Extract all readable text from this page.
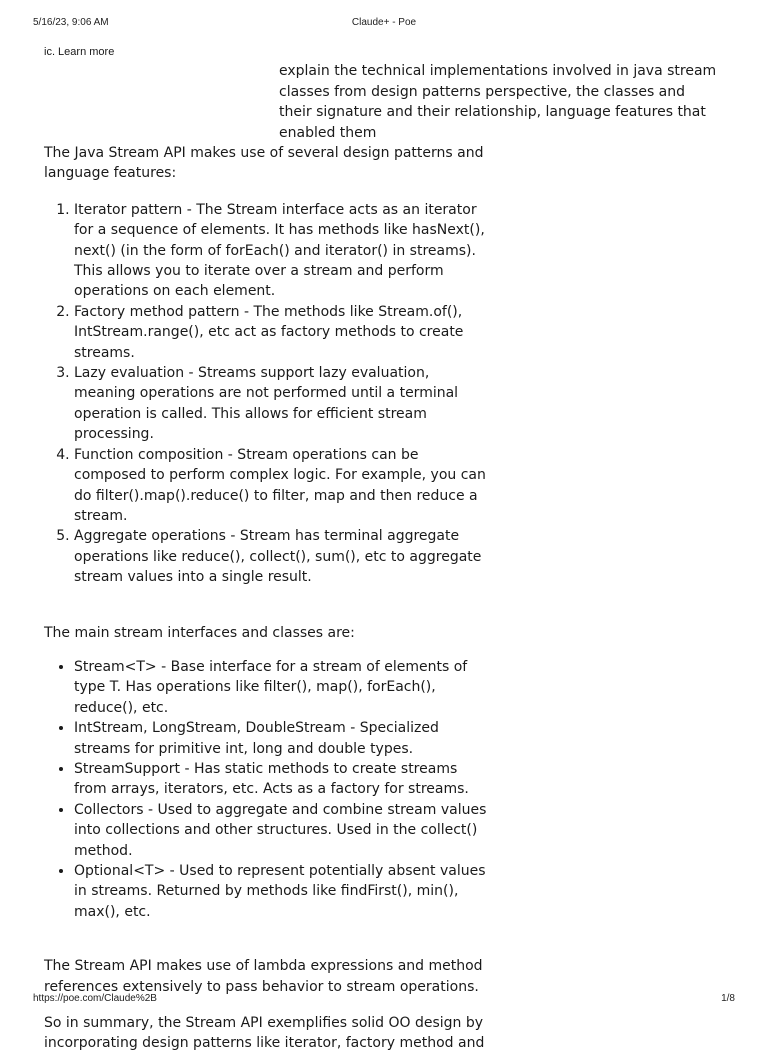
5/16/23, 9:06 AM	Claude+ - Poe
ic. Learn more
explain the technical implementations involved in java stream classes from design patterns perspective, the classes and their signature and their relationship, language features that enabled them

The Java Stream API makes use of several design patterns and language features:

1. Iterator pattern - The Stream interface acts as an iterator for a sequence of elements. It has methods like hasNext(), next() (in the form of forEach() and iterator() in streams). This allows you to iterate over a stream and perform operations on each element.
2. Factory method pattern - The methods like Stream.of(), IntStream.range(), etc act as factory methods to create streams.
3. Lazy evaluation - Streams support lazy evaluation, meaning operations are not performed until a terminal operation is called. This allows for efficient stream processing.
4. Function composition - Stream operations can be composed to perform complex logic. For example, you can do filter().map().reduce() to filter, map and then reduce a stream.
5. Aggregate operations - Stream has terminal aggregate operations like reduce(), collect(), sum(), etc to aggregate stream values into a single result.

The main stream interfaces and classes are:

• Stream<T> - Base interface for a stream of elements of type T. Has operations like filter(), map(), forEach(), reduce(), etc.
• IntStream, LongStream, DoubleStream - Specialized streams for primitive int, long and double types.
• StreamSupport - Has static methods to create streams from arrays, iterators, etc. Acts as a factory for streams.
• Collectors - Used to aggregate and combine stream values into collections and other structures. Used in the collect() method.
• Optional<T> - Used to represent potentially absent values in streams. Returned by methods like findFirst(), min(), max(), etc.

The Stream API makes use of lambda expressions and method references extensively to pass behavior to stream operations.

So in summary, the Stream API exemplifies solid OO design by incorporating design patterns like iterator, factory method and

https://poe.com/Claude%2B	1/8
